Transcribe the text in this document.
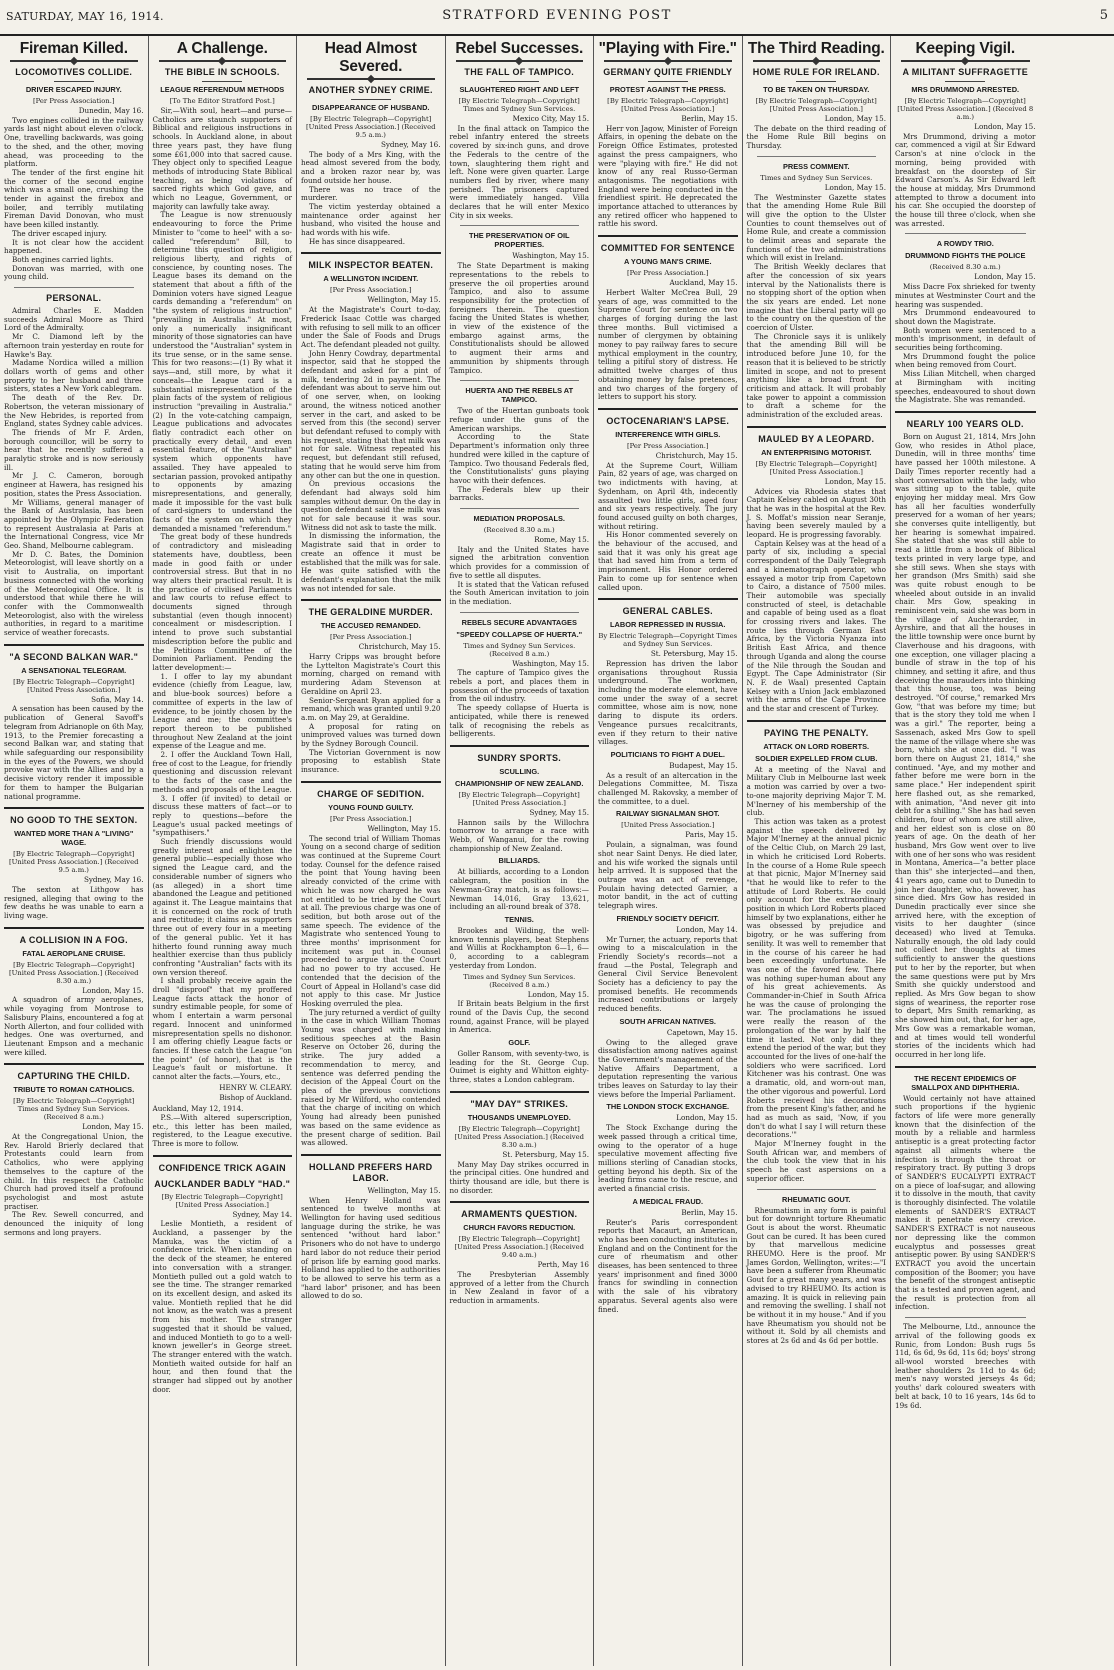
SATURDAY, MAY 16, 1914.	STRATFORD EVENING POST	5
Fireman Killed.
LOCOMOTIVES COLLIDE.
DRIVER ESCAPED INJURY.
[Per Press Association.]
Dunedin, May 16.

Two engines collided in the railway yards last night about eleven o'clock. One, travelling backwards, was going to the shed, and the other, moving ahead, was proceeding to the platform.

The tender of the first engine hit the corner of the second engine which was a small one, crushing the tender in against the firebox and boiler, and terribly mutilating Fireman David Donovan, who must have been killed instantly.

The driver escaped injury.

It is not clear how the accident happened.

Both engines carried lights.

Donovan was married, with one young child.

PERSONAL.

Admiral Charles E. Madden succeeds Admiral Moore as Third Lord of the Admiralty.

Mr C. Diamond left by the afternoon train yesterday en route for Hawke's Bay.

Madame Nordica willed a million dollars worth of gems and other property to her husband and three sisters, states a New York cablegram.

The death of the Rev. Dr. Robertson, the veteran missionary of the New Hebrides, is reported from England, states Sydney cable advices.

The friends of Mr F. Arden, borough councillor, will be sorry to hear that he recently suffered a paralytic stroke and is now seriously ill.

Mr J. C. Cameron, borough engineer at Hawera, has resigned his position, states the Press Association.

Mr Williams, general manager of the Bank of Australasia, has been appointed by the Olympic Federation to represent Australasia at Paris at the International Congress, vice Mr Geo. Shand, Melbourne cablegram.

Mr D. C. Bates, the Dominion Meteorologist, will leave shortly on a visit to Australia, on important business connected with the working of the Meteorological Office. It is understood that while there he will confer with the Commonwealth Meteorologist, also with the wireless authorities, in regard to a maritime service of weather forecasts.

"A SECOND BALKAN WAR."
A SENSATIONAL TELEGRAM.
[By Electric Telegraph—Copyright] [United Press Association.]
Sofia, May 14.

A sensation has been caused by the publication of General Savoff's telegram from Adrianople on 6th May, 1913, to the Premier forecasting a second Balkan war, and stating that while safeguarding our responsibility in the eyes of the Powers, we should provoke war with the Allies and by a decisive victory render it impossible for them to hamper the Bulgarian national programme.

NO GOOD TO THE SEXTON.
WANTED MORE THAN A "LIVING" WAGE.
[By Electric Telegraph—Copyright] [United Press Association.] (Received 9.5 a.m.)
Sydney, May 16.

The sexton at Lithgow has resigned, alleging that owing to the few deaths he was unable to earn a living wage.

A COLLISION IN A FOG.
FATAL AEROPLANE CRUISE.
[By Electric Telegraph—Copyright] [United Press Association.] (Received 8.30 a.m.)
London, May 15.

A squadron of army aeroplanes, while voyaging from Montrose to Salisbury Plains, encountered a fog at North Allerton, and four collided with hedges. One was overturned, and Lieutenant Empson and a mechanic were killed.

CAPTURING THE CHILD.
TRIBUTE TO ROMAN CATHOLICS.
[By Electric Telegraph—Copyright] Times and Sydney Sun Services. (Received 8 a.m.)
London, May 15.

At the Congregational Union, the Rev. Harold Brierly declared that Protestants could learn from Catholics, who were applying themselves to the capture of the child. In this respect the Catholic Church had proved itself a profound psychologist and most astute practiser.

The Rev. Sewell concurred, and denounced the iniquity of long sermons and long prayers.

A Challenge.
THE BIBLE IN SCHOOLS.
LEAGUE REFERENDUM METHODS
[To The Editor Stratford Post.]

Sir,—With soul, heart—and purse—Catholics are staunch supporters of Biblical and religious instructions in schools. In Auckland alone, in about three years past, they have flung some £61,000 into that sacred cause. They object only to specified League methods of introducing State Biblical teaching, as being violations of sacred rights which God gave, and which no League, Government, or majority can lawfully take away.

The League is now strenuously endeavouring to force the Prime Minister to "come to heel" with a so-called "referendum" Bill, to determine this question of religion, religious liberty, and rights of conscience, by counting noses. The League bases its demand on the statement that about a fifth of the Dominion voters have signed League cards demanding a "referendum" on "the system of religious instruction" "prevailing in Australia." At most, only a numerically insignificant minority of those signatories can have understood the "Australian" system in its true sense, or in the same sense. This for two reasons:—(1) By what it says—and, still more, by what it conceals—the League card is a substantial misrepresentation of the plain facts of the system of religious instruction "prevailing in Australia." (2) In the vote-catching campaign, League publications and advocates flatly contradict each other on practically every detail, and even essential feature, of the "Australian" system which opponents have assailed. They have appealed to sectarian passion, provoked antipathy to opponents by amazing misrepresentations, and generally, made it impossible for the vast bulk of card-signers to understand the facts of the system on which they demanded a misnamed "referendum."

The great body of these hundreds of contradictory and misleading statements have, doubtless, been made in good faith or under controversial stress. But that in no way alters their practical result. It is the practice of civilised Parliaments and law courts to refuse effect to documents signed through substantial (even though innocent) concealment or misdescription. I intend to prove such substantial misdescription before the public and the Petitions Committee of the Dominion Parliament. Pending the latter development:—

1. I offer to lay my abundant evidence (chiefly from League, law, and blue-book sources) before a committee of experts in the law of evidence, to be jointly chosen by the League and me; the committee's report thereon to be published throughout New Zealand at the joint expense of the League and me.

2. I offer the Auckland Town Hall, free of cost to the League, for friendly questioning and discussion relevant to the facts of the case and the methods and proposals of the League.

3. I offer (if invited) to detail or discuss these matters of fact—or to reply to questions—before the League's usual packed meetings of "sympathisers."

Such friendly discussions would greatly interest and enlighten the general public—especially those who signed the League card, and the considerable number of signers who (as alleged) in a short time abandoned the League and petitioned against it. The League maintains that it is concerned on the rock of truth and rectitude; it claims as supporters three out of every four in a meeting of the general public. Yet it has hitherto found running away much healthier exercise than thus publicly confronting "Australian" facts with its own version thereof.

I shall probably receive again the droll "disproof" that my proffered League facts attack the honor of sundry estimable people, for some of whom I entertain a warm personal regard. Innocent and uninformed misrepresentation spells no dishonor. I am offering chiefly League facts or fancies. If these catch the League "on the point" (of honor), that is the League's fault or misfortune. It cannot alter the facts.—Yours, etc.,

HENRY W. CLEARY.
Bishop of Auckland.
Auckland, May 12, 1914.

P.S.—With altered superscription, etc., this letter has been mailed, registered, to the League executive. Three is more to follow.

CONFIDENCE TRICK AGAIN
AUCKLANDER BADLY "HAD."
[By Electric Telegraph—Copyright] [United Press Association.]
Sydney, May 14.

Leslie Montieth, a resident of Auckland, a passenger by the Manuka, was the victim of a confidence trick. When standing on the deck of the steamer, he entered into conversation with a stranger. Montieth pulled out a gold watch to see the time. The stranger remarked on its excellent design, and asked its value. Montieth replied that he did not know, as the watch was a present from his mother. The stranger suggested that it should be valued, and induced Montieth to go to a well-known jeweller's in George street. The stranger entered with the watch. Montieth waited outside for half an hour, and then found that the stranger had slipped out by another door.

Head Almost Severed.
ANOTHER SYDNEY CRIME.
DISAPPEARANCE OF HUSBAND.
[By Electric Telegraph—Copyright] [United Press Association.] (Received 9.5 a.m.)
Sydney, May 16.

The body of a Mrs King, with the head almost severed from the body, and a broken razor near by, was found outside her house.

There was no trace of the murderer.

The victim yesterday obtained a maintenance order against her husband, who visited the house and had words with his wife.

He has since disappeared.

MILK INSPECTOR BEATEN.
A WELLINGTON INCIDENT.
[Per Press Association.]
Wellington, May 15.

At the Magistrate's Court to-day, Frederick Isaac Cottle was charged with refusing to sell milk to an officer under the Sale of Foods and Drugs Act. The defendant pleaded not guilty.

John Henry Cowdray, departmental inspector, said that he stopped the defendant and asked for a pint of milk, tendering 2d in payment. The defendant was about to serve him out of one server, when, on looking around, the witness noticed another server in the cart, and asked to be served from this (the second) server but defendant refused to comply with his request, stating that that milk was not for sale. Witness repeated his request, but defendant still refused, stating that he would serve him from any other can but the one in question.

On previous occasions the defendant had always sold him samples without demur. On the day in question defendant said the milk was not for sale because it was sour. Witness did not ask to taste the milk.

In dismissing the information, the Magistrate said that in order to create an offence it must be established that the milk was for sale. He was quite satisfied with the defendant's explanation that the milk was not intended for sale.

THE GERALDINE MURDER.
THE ACCUSED REMANDED.
[Per Press Association.]
Christchurch, May 15.

Harry Cripps was brought before the Lyttelton Magistrate's Court this morning, charged on remand with murdering Adam Stevenson at Geraldine on April 23.

Senior-Sergeant Ryan applied for a remand, which was granted until 9.20 a.m. on May 29, at Geraldine.

A proposal for rating on unimproved values was turned down by the Sydney Borough Council.

The Victorian Government is now proposing to establish State insurance.

CHARGE OF SEDITION.
YOUNG FOUND GUILTY.
[Per Press Association.]
Wellington, May 15.

The second trial of William Thomas Young on a second charge of sedition was continued at the Supreme Court today. Counsel for the defence raised the point that Young having been already convicted of the crime with which he was now charged he was not entitled to be tried by the Court at all. The previous charge was one of sedition, but both arose out of the same speech. The evidence of the Magistrate who sentenced Young to three months' imprisonment for incitement was put in. Counsel proceeded to argue that the Court had no power to try accused. He contended that the decision of the Court of Appeal in Holland's case did not apply to this case. Mr Justice Hosking overruled the plea.

The jury returned a verdict of guilty in the case in which William Thomas Young was charged with making seditious speeches at the Basin Reserve on October 26, during the strike. The jury added a recommendation to mercy, and sentence was deferred pending the decision of the Appeal Court on the plea of the previous convictions raised by Mr Wilford, who contended that the charge of inciting on which Young had already been punished was based on the same evidence as the present charge of sedition. Bail was allowed.

HOLLAND PREFERS HARD LABOR.
Wellington, May 15.

When Henry Holland was sentenced to twelve months at Wellington for having used seditious language during the strike, he was sentenced "without hard labor." Prisoners who do not have to undergo hard labor do not reduce their period of prison life by earning good marks. Holland has applied to the authorities to be allowed to serve his term as a "hard labor" prisoner, and has been allowed to do so.

Rebel Successes.
THE FALL OF TAMPICO.
SLAUGHTERED RIGHT AND LEFT
[By Electric Telegraph—Copyright] Times and Sydney Sun Services.
Mexico City, May 15.

In the final attack on Tampico the rebel infantry entered the streets covered by six-inch guns, and drove the Federals to the centre of the town, slaughtering them right and left. None were given quarter. Large numbers fled by river, where many perished. The prisoners captured were immediately hanged. Villa declares that he will enter Mexico City in six weeks.

THE PRESERVATION OF OIL PROPERTIES.
Washington, May 15.

The State Department is making representations to the rebels to preserve the oil properties around Tampico, and also to assume responsibility for the protection of foreigners therein. The question facing the United States is whether, in view of the existence of the embargo against arms, the Constitutionalists should be allowed to augment their arms and ammunition by shipments through Tampico.

HUERTA AND THE REBELS AT TAMPICO.

Two of the Huertan gunboats took refuge under the guns of the American warships.

According to the State Department's information only three hundred were killed in the capture of Tampico. Two thousand Federals fled, the Constitutionalists' guns playing havoc with their defences.

The Federals blew up their barracks.

MEDIATION PROPOSALS.
(Received 8.30 a.m.)
Rome, May 15.

Italy and the United States have signed the arbitration convention which provides for a commission of five to settle all disputes.

It is stated that the Vatican refused the South American invitation to join in the mediation.

REBELS SECURE ADVANTAGES
"SPEEDY COLLAPSE OF HUERTA."
Times and Sydney Sun Services. (Received 8 a.m.)
Washington, May 15.

The capture of Tampico gives the rebels a port, and places them in possession of the proceeds of taxation from the oil industry.

The speedy collapse of Huerta is anticipated, while there is renewed talk of recognising the rebels as belligerents.

SUNDRY SPORTS.
SCULLING.
CHAMPIONSHIP OF NEW ZEALAND.
[By Electric Telegraph—Copyright] [United Press Association.]
Sydney, May 15.

Hannon sails by the Willochra tomorrow to arrange a race with Webb, of Wanganui, for the rowing championship of New Zealand.

BILLIARDS.

At billiards, according to a London cablegram, the position in the Newman-Gray match, is as follows:—Newman 14,016, Gray 13,621, including an all-round break of 378.

TENNIS.

Brookes and Wilding, the well-known tennis players, beat Stephens and Willis at Rockhampton 6—1, 6—0, according to a cablegram yesterday from London.

Times and Sydney Sun Services. (Received 8 a.m.)
London, May 15.

If Britain beats Belgium in the first round of the Davis Cup, the second round, against France, will be played in America.

GOLF.

Goller Ransom, with seventy-two, is leading for the St. George Cup. Ouimet is eighty and Whitton eighty-three, states a London cablegram.

"MAY DAY" STRIKES.
THOUSANDS UNEMPLOYED.
[By Electric Telegraph—Copyright] [United Press Association.] (Received 8.30 a.m.)
St. Petersburg, May 15.

Many May Day strikes occurred in the principal cities. One hundred and thirty thousand are idle, but there is no disorder.

ARMAMENTS QUESTION.
CHURCH FAVORS REDUCTION.
[By Electric Telegraph—Copyright] [United Press Association.] (Received 9.40 a.m.)
Perth, May 16

The Presbyterian Assembly approved of a letter from the Church in New Zealand in favor of a reduction in armaments.

"Playing with Fire."
GERMANY QUITE FRIENDLY
PROTEST AGAINST THE PRESS.
[By Electric Telegraph—Copyright] [United Press Association.]
Berlin, May 15.

Herr von Jagow, Minister of Foreign Affairs, in opening the debate on the Foreign Office Estimates, protested against the press campaigners, who were "playing with fire." He did not know of any real Russo-German antagonisms. The negotiations with England were being conducted in the friendliest spirit. He deprecated the importance attached to utterances by any retired officer who happened to rattle his sword.

COMMITTED FOR SENTENCE
A YOUNG MAN'S CRIME.
[Per Press Association.]
Auckland, May 15.

Herbert Walter McCrea Bull, 29 years of age, was committed to the Supreme Court for sentence on two charges of forging during the last three months. Bull victimised a number of clergymen by obtaining money to pay railway fares to secure mythical employment in the country, telling a pitiful story of distress. He admitted twelve charges of thus obtaining money by false pretences, and two charges of the forgery of letters to support his story.

OCTOCENARIAN'S LAPSE.
INTERFERENCE WITH GIRLS.
[Per Press Association.]
Christchurch, May 15.

At the Supreme Court, William Pain, 82 years of age, was charged on two indictments with having, at Sydenham, on April 4th, indecently assaulted two little girls, aged four and six years respectively. The jury found accused guilty on both charges, without retiring.

His Honor commented severely on the behaviour of the accused, and said that it was only his great age that had saved him from a term of imprisonment. His Honor ordered Pain to come up for sentence when called upon.

GENERAL CABLES.
LABOR REPRESSED IN RUSSIA.
By Electric Telegraph—Copyright Times and Sydney Sun Services.
St. Petersburg, May 15.

Repression has driven the labor organisations throughout Russia underground. The workmen, including the moderate element, have come under the sway of a secret committee, whose aim is now, none daring to dispute its orders. Vengeance pursues recalcitrants, even if they return to their native villages.

POLITICIANS TO FIGHT A DUEL.
Budapest, May 15.

As a result of an altercation in the Delegations Committee, M. Tisza challenged M. Rakovsky, a member of the committee, to a duel.

RAILWAY SIGNALMAN SHOT.
[United Press Association.]
Paris, May 15.

Poulain, a signalman, was found shot near Saint Denys. He died later, and his wife worked the signals until help arrived. It is supposed that the outrage was an act of revenge, Poulain having detected Garnier, a motor bandit, in the act of cutting telegraph wires.

FRIENDLY SOCIETY DEFICIT.
London, May 14.

Mr Turner, the actuary, reports that owing to a miscalculation in the Friendly Society's records—not a fraud —the Postal, Telegraph and General Civil Service Benevolent Society has a deficiency to pay the promised benefits. He recommends increased contributions or largely reduced benefits.

SOUTH AFRICAN NATIVES.
Capetown, May 15.

Owing to the alleged grave dissatisfaction among natives against the Government's management of the Native Affairs Department, a deputation representing the various tribes leaves on Saturday to lay their views before the Imperial Parliament.

THE LONDON STOCK EXCHANGE.
London, May 15.

The Stock Exchange during the week passed through a critical time, owing to the operator of a huge speculative movement affecting five millions sterling of Canadian stocks, getting beyond his depth. Six of the leading firms came to the rescue, and averted a financial crisis.

A MEDICAL FRAUD.
Berlin, May 15.

Reuter's Paris correspondent reports that Macaurt, an American, who has been conducting institutes in England and on the Continent for the cure of rheumatism and other diseases, has been sentenced to three years' imprisonment and fined 3000 francs for swindling in connection with the sale of his vibratory apparatus. Several agents also were fined.

The Third Reading.
HOME RULE FOR IRELAND.
TO BE TAKEN ON THURSDAY.
[By Electric Telegraph—Copyright] [United Press Association.]
London, May 15.

The debate on the third reading of the Home Rule Bill begins on Thursday.

PRESS COMMENT.
Times and Sydney Sun Services.
London, May 15.

The Westminster Gazette states that the amending Home Rule Bill will give the option to the Ulster Counties to count themselves out of Home Rule, and create a commission to delimit areas and separate the functions of the two administrations which will exist in Ireland.

The British Weekly declares that after the concession of six years interval by the Nationalists there is no stopping short of the option when the six years are ended. Let none imagine that the Liberal party will go to the country on the question of the coercion of Ulster.

The Chronicle says it is unlikely that the amending Bill will be introduced before June 10, for the reason that it is believed to be strictly limited in scope, and not to present anything like a broad front for criticism and attack. It will probably take power to appoint a commission to draft a scheme for the administration of the excluded areas.

MAULED BY A LEOPARD.
AN ENTERPRISING MOTORIST.
[By Electric Telegraph—Copyright] [United Press Association.]
London, May 15.

Advices via Rhodesia states that Captain Kelsey cabled on August 30th that he was in the hospital at the Rev. J. S. Moffat's mission near Seranje, having been severely mauled by a leopard. He is progressing favorably.

Captain Kelsey was at the head of a party of six, including a special correspondent of the Daily Telegraph and a kinematograph operator, who essayed a motor trip from Capetown to Cairo, a distance of 7500 miles. Their automobile was specially constructed of steel, is detachable and capable of being used as a float for crossing rivers and lakes. The route lies through German East Africa, by the Victoria Nyanza into British East Africa, and thence through Uganda and along the course of the Nile through the Soudan and Egypt. The Cape Administrator (Sir N. F. de Waal) presented Captain Kelsey with a Union Jack emblazoned with the arms of the Cape Province and the star and crescent of Turkey.

PAYING THE PENALTY.
ATTACK ON LORD ROBERTS.
SOLDIER EXPELLED FROM CLUB.

At a meeting of the Naval and Military Club in Melbourne last week a motion was carried by over a two-to-one majority depriving Major T. M. M'Inerney of his membership of the club.

This action was taken as a protest against the speech delivered by Major M'Inerney at the annual picnic of the Celtic Club, on March 29 last, in which he criticised Lord Roberts. In the course of a Home Rule speech at that picnic, Major M'Inerney said "that he would like to refer to the attitude of Lord Roberts. He could only account for the extraordinary position in which Lord Roberts placed himself by two explanations, either he was obsessed by prejudice and bigotry, or he was suffering from senility. It was well to remember that in the course of his career he had been exceedingly unfortunate. He was one of the favored few. There was nothing super-human about any of his great achievements. As Commander-in-Chief in South Africa he was the cause of prolonging the war. The proclamations he issued were really the reason of the prolongation of the war by half the time it lasted. Not only did they extend the period of the war, but they accounted for the lives of one-half the soldiers who were sacrificed. Lord Kitchener was his contrast. One was a dramatic, old, and worn-out man, the other vigorous and powerful. Lord Roberts received his decorations from the present King's father, and he had as much as said, 'Now, if you don't do what I say I will return these decorations.'"

Major M'Inerney fought in the South African war, and members of the club took the view that in his speech he cast aspersions on a superior officer.

RHEUMATIC GOUT.

Rheumatism in any form is painful but for downright torture Rheumatic Gout is about the worst. Rheumatic Gout can be cured. It has been cured by that marvellous medicine RHEUMO. Here is the proof. Mr James Gordon, Wellington, writes:—"I have been a sufferer from Rheumatic Gout for a great many years, and was advised to try RHEUMO. Its action is amazing. It is quick in relieving pain and removing the swelling. I shall not be without it in my house." And if you have Rheumatism you should not be without it. Sold by all chemists and stores at 2s 6d and 4s 6d per bottle.

Keeping Vigil.
A MILITANT SUFFRAGETTE
MRS DRUMMOND ARRESTED.
[By Electric Telegraph—Copyright] [United Press Association.] (Received 8 a.m.)
London, May 15.

Mrs Drummond, driving a motor car, commenced a vigil at Sir Edward Carson's at nine o'clock in the morning, being provided with breakfast on the doorstep of Sir Edward Carson's. As Sir Edward left the house at midday, Mrs Drummond attempted to throw a document into his car. She occupied the doorstep of the house till three o'clock, when she was arrested.

A ROWDY TRIO.
DRUMMOND FIGHTS THE POLICE
(Received 8.30 a.m.)
London, May 15.

Miss Dacre Fox shrieked for twenty minutes at Westminster Court and the hearing was suspended.

Mrs Drummond endeavoured to shout down the Magistrate.

Both women were sentenced to a month's imprisonment, in default of securities being forthcoming.

Mrs Drummond fought the police when being removed from Court.

Miss Lilian Mitchell, when charged at Birmingham with inciting speeches, endeavoured to shout down the Magistrate. She was remanded.

NEARLY 100 YEARS OLD.

Born on August 21, 1814, Mrs John Gow, who resides in Athol place, Dunedin, will in three months' time have passed her 100th milestone. A Daily Times reporter recently had a short conversation with the lady, who was sitting up to the table, quite enjoying her midday meal. Mrs Gow has all her faculties wonderfully preserved for a woman of her years; she converses quite intelligently, but her hearing is somewhat impaired. She stated that she was still able to read a little from a book of Biblical texts printed in very large type, and she still sews. When she stays with her grandson (Mrs Smith) said she was quite robust enough to be wheeled about outside in an invalid chair. Mrs Gow, speaking in reminiscent vein, said she was born in the village of Auchterarder, in Ayrshire, and that all the houses in the little township were once burnt by Claverhouse and his dragoons, with one exception, one villager placing a bundle of straw in the top of his chimney, and setting it afire, and thus deceiving the marauders into thinking that this house, too, was being destroyed. "Of course," remarked Mrs Gow, "that was before my time; but that is the story they told me when I was a girl." The reporter, being a Sassenach, asked Mrs Gow to spell the name of the village where she was born, which she at once did. "I was born there on August 21, 1814," she continued. "Aye, and my mother and father before me were born in the same place." Her independent spirit here flashed out, as she remarked, with animation, "And never git into debt for a shilling." She has had seven children, four of whom are still alive, and her eldest son is close on 80 years of age. On the death of her husband, Mrs Gow went over to live with one of her sons who was resident in Montana, America—"a better place than this" she interjected—and then, 41 years ago, came out to Dunedin to join her daughter, who, however, has since died. Mrs Gow has resided in Dunedin practically ever since she arrived here, with the exception of visits to her daughter (since deceased) who lived at Temuka. Naturally enough, the old lady could not collect her thoughts at times sufficiently to answer the questions put to her by the reporter, but when the same questions were put by Mrs Smith she quickly understood and replied. As Mrs Gow began to show signs of weariness, the reporter rose to depart, Mrs Smith remarking, as she showed him out, that, for her age, Mrs Gow was a remarkable woman, and at times would tell wonderful stories of the incidents which had occurred in her long life.

THE RECENT EPIDEMICS OF SMALLPOX AND DIPHTHERIA.

Would certainly not have attained such proportions if the hygienic factors of life were more generally known that the disinfection of the mouth by a reliable and harmless antiseptic is a great protecting factor against all ailments where the infection is through the throat or respiratory tract. By putting 3 drops of SANDER'S EUCALYPTI EXTRACT on a piece of loaf-sugar, and allowing it to dissolve in the mouth, that cavity is thoroughly disinfected. The volatile elements of SANDER'S EXTRACT makes it penetrate every crevice. SANDER'S EXTRACT is not nauseous nor depressing like the common eucalyptus and possesses great antiseptic power. By using SANDER'S EXTRACT you avoid the uncertain composition of the Boomer; you have the benefit of the strongest antiseptic that is a tested and proven agent, and the result is protection from all infection.

The Melbourne, Ltd., announce the arrival of the following goods ex Runic, from London: Bush rugs 5s 11d, 6s 6d, 9s 6d, 11s 6d; boys' strong all-wool worsted breeches with leather shoulders 2s 11d to 4s 6d; men's navy worsted jerseys 4s 6d; youths' dark coloured sweaters with belt at back, 10 to 16 years, 14s 6d to 19s 6d.
